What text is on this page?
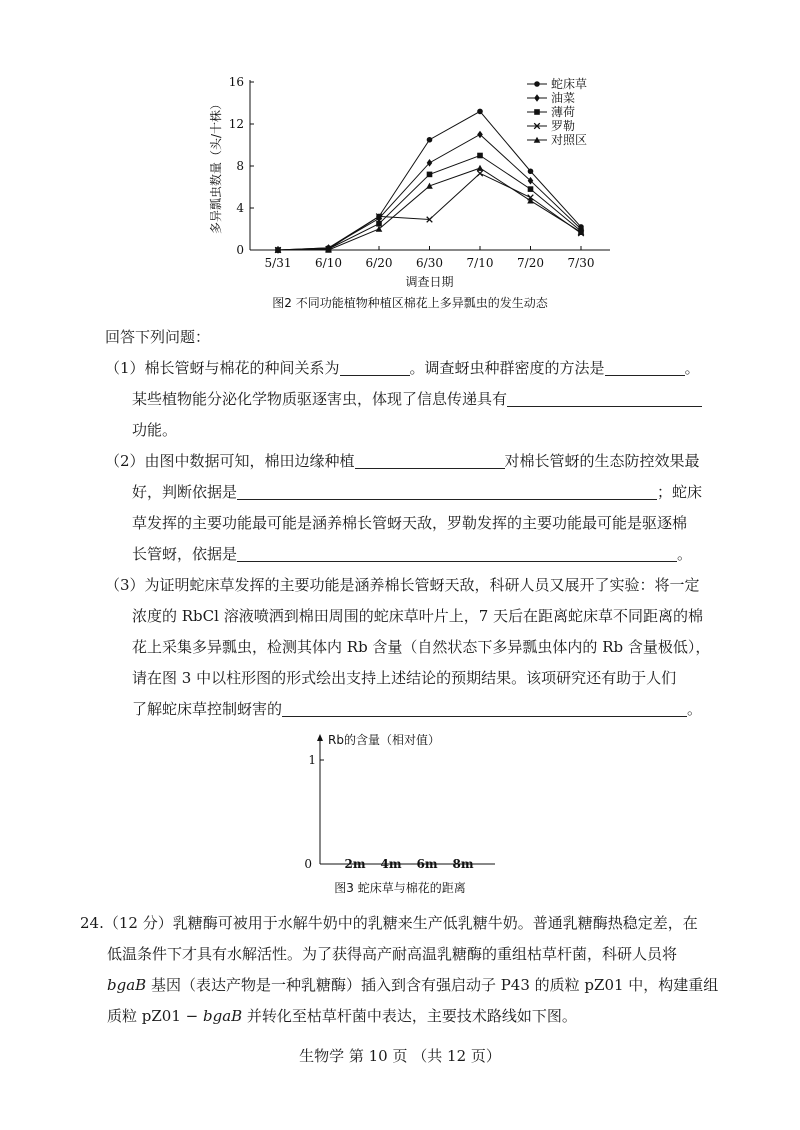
0
4
8
12
16
5/31 6/10 6/20 6/30 7/10 7/20 7/30
多异瓢虫数量（头/十株）
调查日期
图2 不同功能植物种植区棉花上多异瓢虫的发生动态
蛇床草
油菜
薄荷
罗勒
对照区
回答下列问题：
（1）棉长管蚜与棉花的种间关系为	。调查蚜虫种群密度的方法是	。
某些植物能分泌化学物质驱逐害虫，体现了信息传递具有
功能。
（2）由图中数据可知，棉田边缘种植	对棉长管蚜的生态防控效果最
好，判断依据是	；蛇床
草发挥的主要功能最可能是涵养棉长管蚜天敌，罗勒发挥的主要功能最可能是驱逐棉
长管蚜，依据是	。
（3）为证明蛇床草发挥的主要功能是涵养棉长管蚜天敌，科研人员又展开了实验：将一定
浓度的 RbCl 溶液喷洒到棉田周围的蛇床草叶片上，7 天后在距离蛇床草不同距离的棉
花上采集多异瓢虫，检测其体内 Rb 含量（自然状态下多异瓢虫体内的 Rb 含量极低），
请在图 3 中以柱形图的形式绘出支持上述结论的预期结果。该项研究还有助于人们
了解蛇床草控制蚜害的	。
Rb的含量（相对值）
1
0	2m 4m 6m 8m
图3 蛇床草与棉花的距离
24.（12 分）乳糖酶可被用于水解牛奶中的乳糖来生产低乳糖牛奶。普通乳糖酶热稳定差，在
低温条件下才具有水解活性。为了获得高产耐高温乳糖酶的重组枯草杆菌，科研人员将
bgaB 基因（表达产物是一种乳糖酶）插入到含有强启动子 P43 的质粒 pZ01 中，构建重组
质粒 pZ01 − bgaB 并转化至枯草杆菌中表达，主要技术路线如下图。
生物学 第 10 页 （共 12 页）
